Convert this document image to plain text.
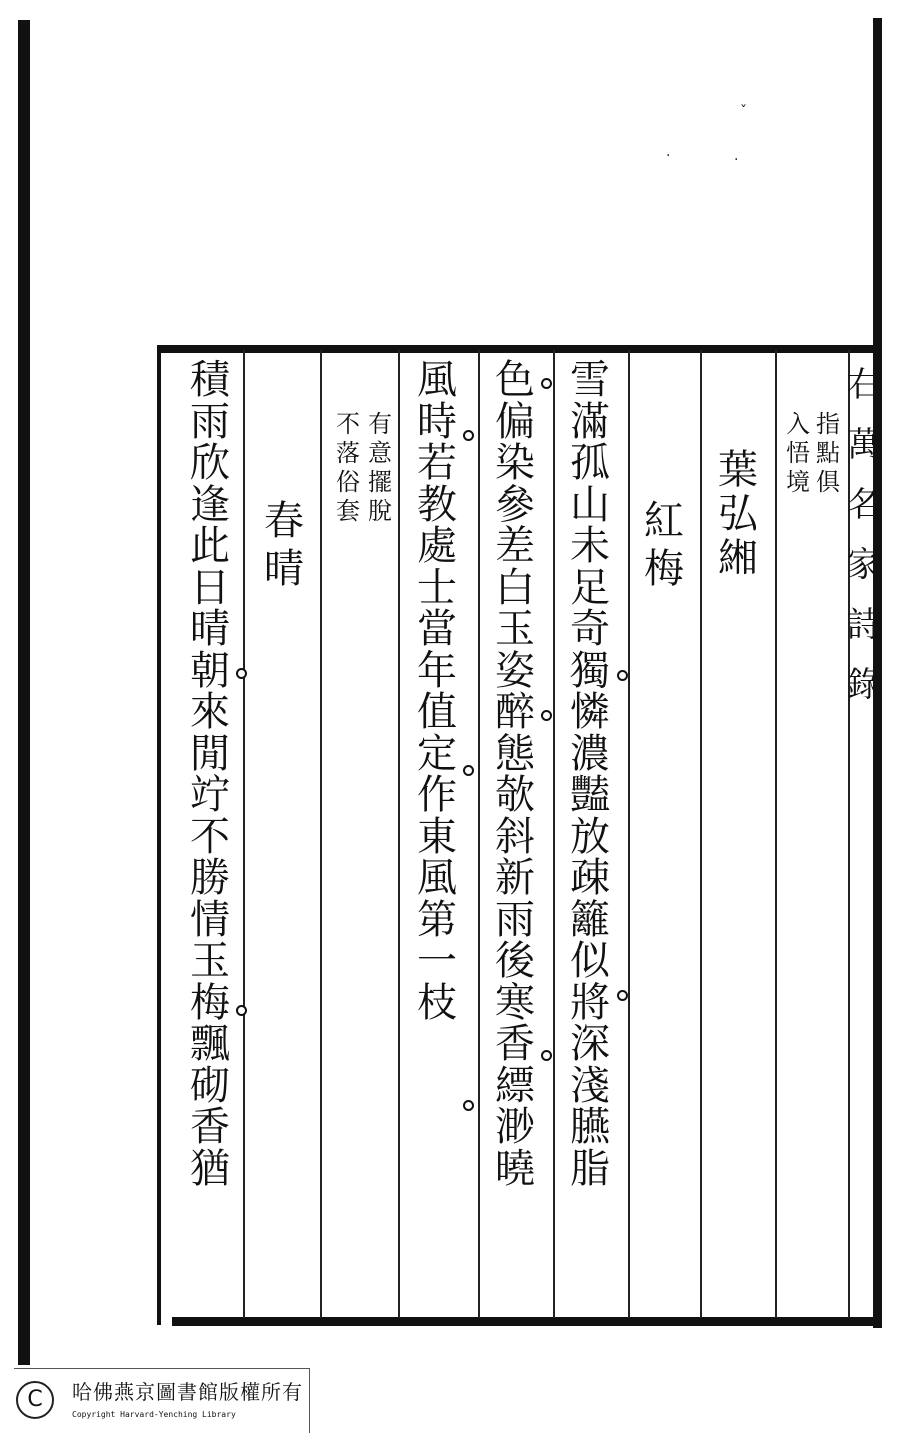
右
萬
名
家
詩
錄
指
點
俱
入
悟
境
葉
弘
緗
紅
梅
雪
滿
孤
山
未
足
奇
獨
憐
濃
豔
放
疎
籬
似
將
深
淺
臙
脂
色
偏
染
參
差
白
玉
姿
醉
態
欹
斜
新
雨
後
寒
香
縹
渺
曉
風
時
若
教
處
士
當
年
值
定
作
東
風
第
一
枝
有
意
擺
脫
不
落
俗
套
春
晴
積
雨
欣
逢
此
日
晴
朝
來
閒
竚
不
勝
情
玉
梅
飄
砌
香
猶
ˇ
·	·
C	哈佛燕京圖書館版權所有
Copyright Harvard-Yenching Library
